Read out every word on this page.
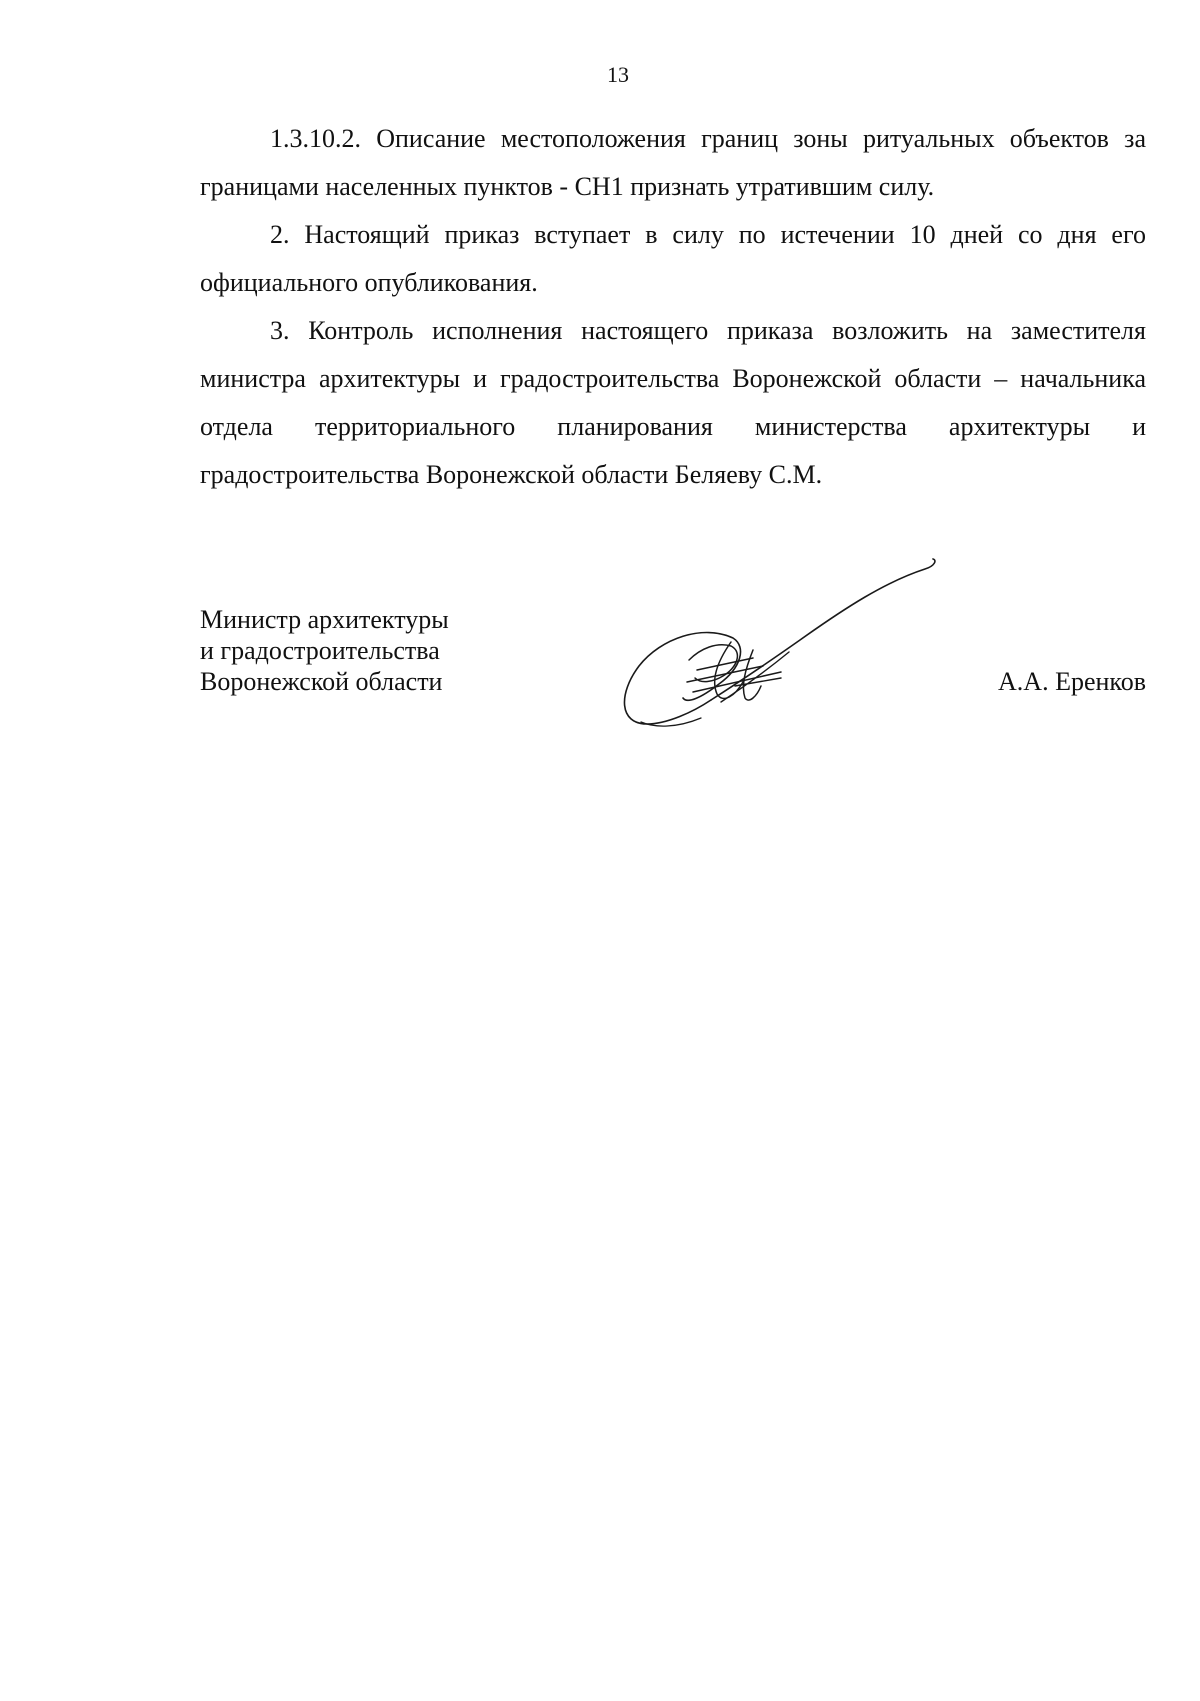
13

1.3.10.2. Описание местоположения границ зоны ритуальных объектов за границами населенных пунктов - СН1 признать утратившим силу.

2. Настоящий приказ вступает в силу по истечении 10 дней со дня его официального опубликования.

3. Контроль исполнения настоящего приказа возложить на заместителя министра архитектуры и градостроительства Воронежской области – начальника отдела территориального планирования министерства архитектуры и градостроительства Воронежской области Беляеву С.М.

Министр архитектуры
и градостроительства
Воронежской области	А.А. Еренков
